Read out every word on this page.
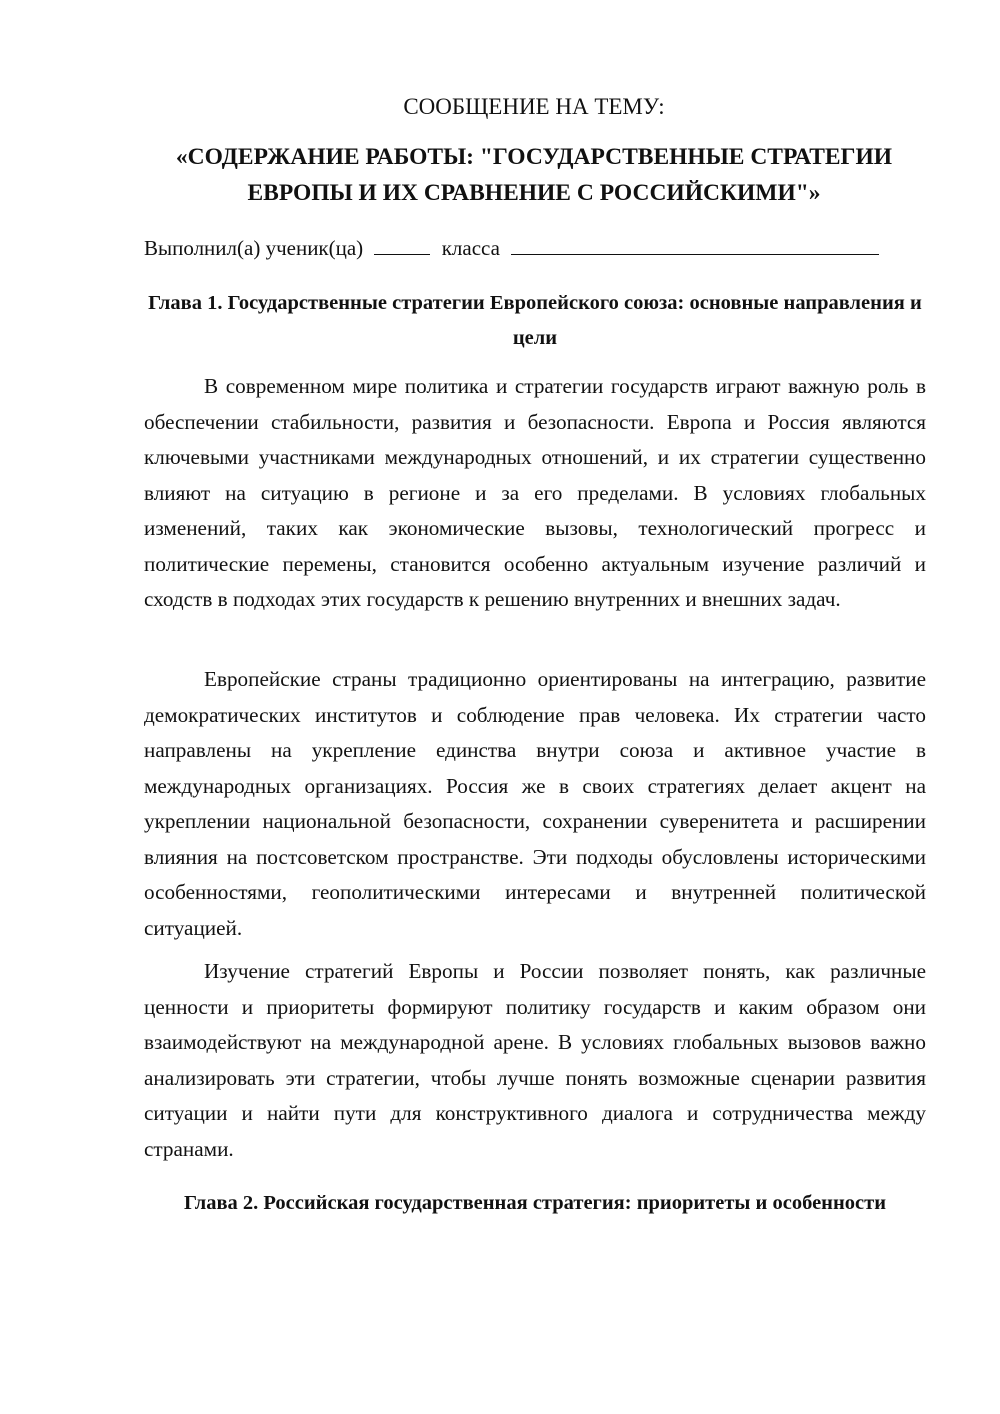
СООБЩЕНИЕ НА ТЕМУ:
«СОДЕРЖАНИЕ РАБОТЫ: "ГОСУДАРСТВЕННЫЕ СТРАТЕГИИ
ЕВРОПЫ И ИХ СРАВНЕНИЕ С РОССИЙСКИМИ"»
Выполнил(а) ученик(ца)	класса
Глава 1. Государственные стратегии Европейского союза: основные направления и цели

В современном мире политика и стратегии государств играют важную роль в обеспечении стабильности, развития и безопасности. Европа и Россия являются ключевыми участниками международных отношений, и их стратегии существенно влияют на ситуацию в регионе и за его пределами. В условиях глобальных изменений, таких как экономические вызовы, технологический прогресс и политические перемены, становится особенно актуальным изучение различий и сходств в подходах этих государств к решению внутренних и внешних задач.

Европейские страны традиционно ориентированы на интеграцию, развитие демократических институтов и соблюдение прав человека. Их стратегии часто направлены на укрепление единства внутри союза и активное участие в международных организациях. Россия же в своих стратегиях делает акцент на укреплении национальной безопасности, сохранении суверенитета и расширении влияния на постсоветском пространстве. Эти подходы обусловлены историческими особенностями, геополитическими интересами и внутренней политической ситуацией.

Изучение стратегий Европы и России позволяет понять, как различные ценности и приоритеты формируют политику государств и каким образом они взаимодействуют на международной арене. В условиях глобальных вызовов важно анализировать эти стратегии, чтобы лучше понять возможные сценарии развития ситуации и найти пути для конструктивного диалога и сотрудничества между странами.

Глава 2. Российская государственная стратегия: приоритеты и особенности
